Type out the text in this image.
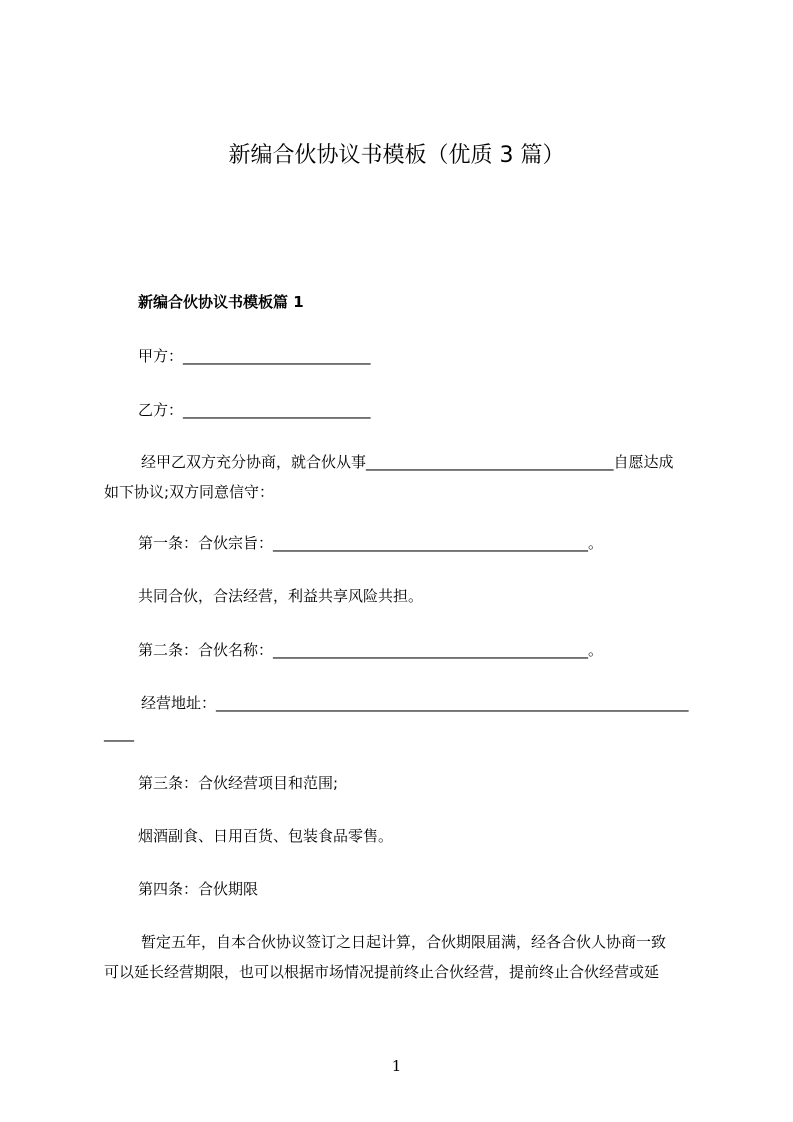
新编合伙协议书模板（优质 3 篇）
新编合伙协议书模板篇 1
甲方：_________________________
乙方：_________________________
经甲乙双方充分协商，就合伙从事_________________________________自愿达成
如下协议;双方同意信守：
第一条：合伙宗旨：__________________________________________。
共同合伙，合法经营，利益共享风险共担。
第二条：合伙名称：__________________________________________。
经营地址：_______________________________________________________________
____
第三条：合伙经营项目和范围;
烟酒副食、日用百货、包装食品零售。
第四条：合伙期限
暂定五年，自本合伙协议签订之日起计算，合伙期限届满，经各合伙人协商一致
可以延长经营期限，也可以根据市场情况提前终止合伙经营，提前终止合伙经营或延
1
